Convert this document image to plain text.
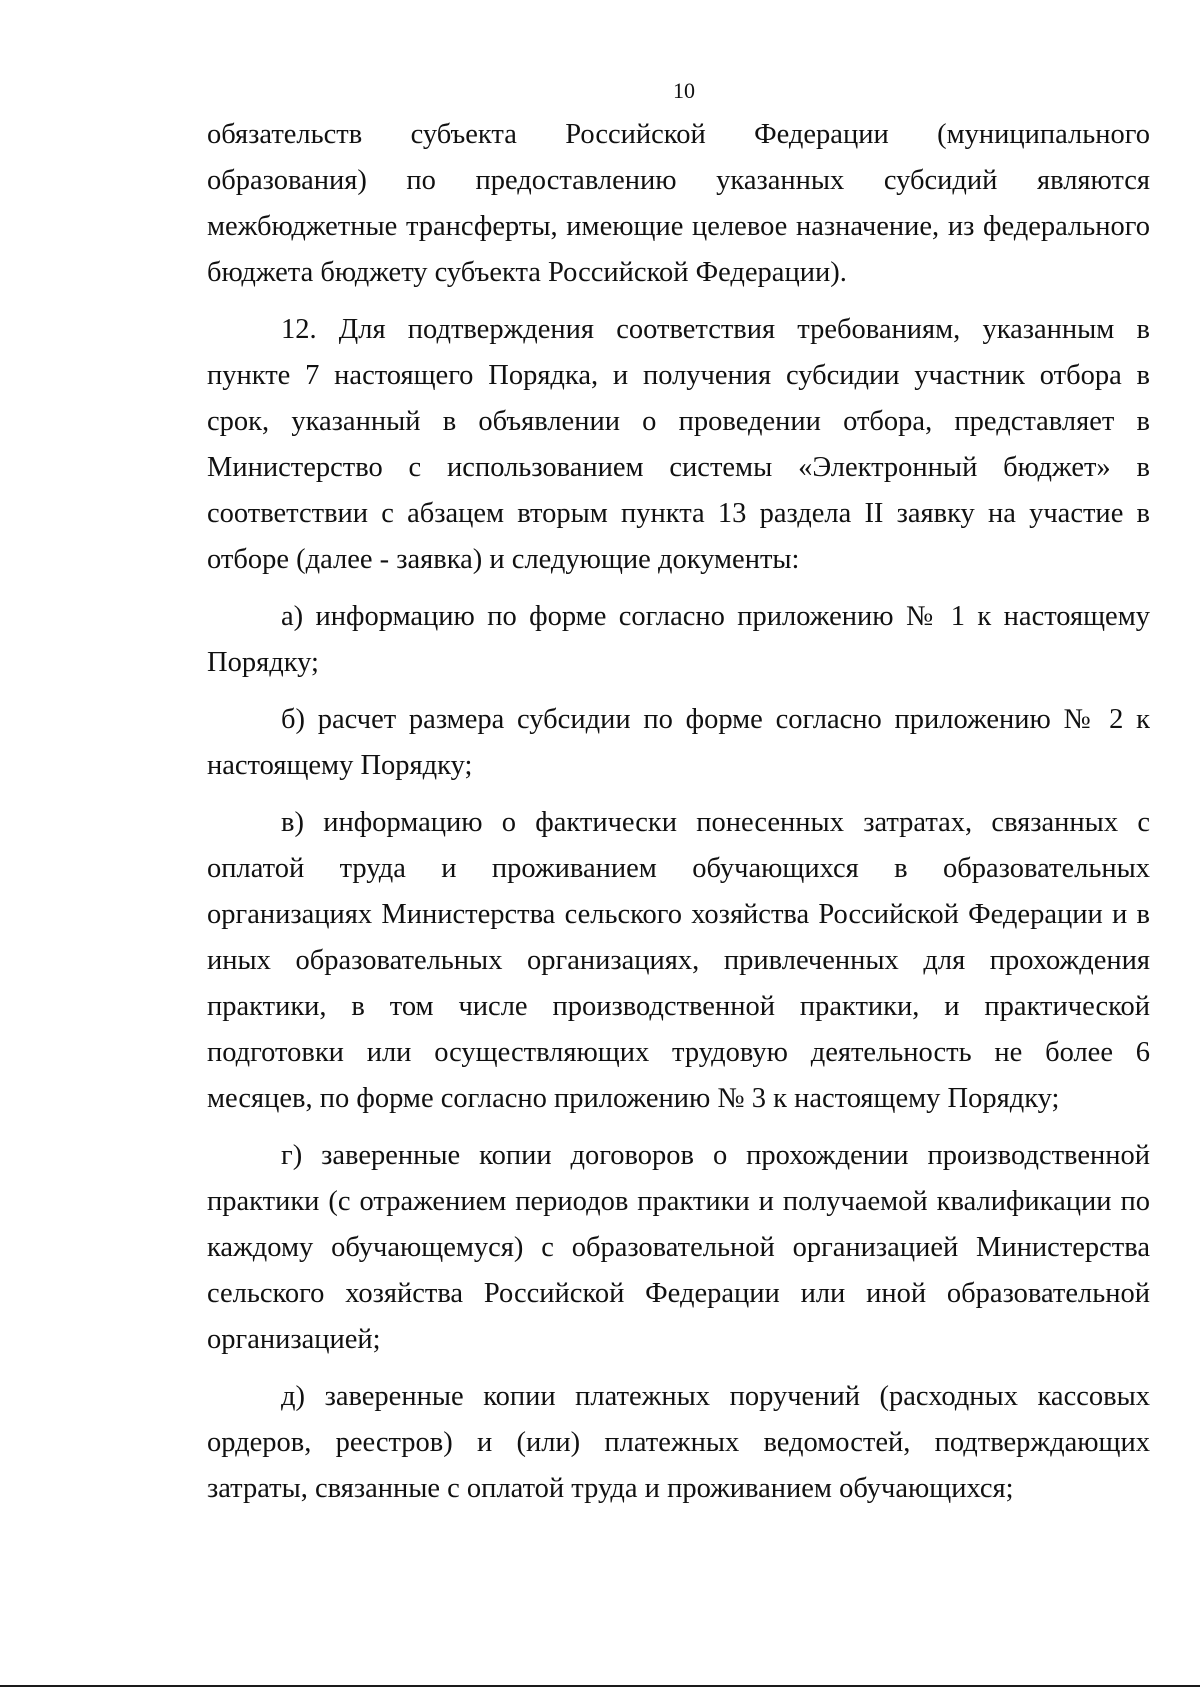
10

обязательств субъекта Российской Федерации (муниципального образования) по предоставлению указанных субсидий являются межбюджетные трансферты, имеющие целевое назначение, из федерального бюджета бюджету субъекта Российской Федерации).

12. Для подтверждения соответствия требованиям, указанным в пункте 7 настоящего Порядка, и получения субсидии участник отбора в срок, указанный в объявлении о проведении отбора, представляет в Министерство с использованием системы «Электронный бюджет» в соответствии с абзацем вторым пункта 13 раздела II заявку на участие в отборе (далее - заявка) и следующие документы:

а) информацию по форме согласно приложению № 1 к настоящему Порядку;

б) расчет размера субсидии по форме согласно приложению № 2 к настоящему Порядку;

в) информацию о фактически понесенных затратах, связанных с оплатой труда и проживанием обучающихся в образовательных организациях Министерства сельского хозяйства Российской Федерации и в иных образовательных организациях, привлеченных для прохождения практики, в том числе производственной практики, и практической подготовки или осуществляющих трудовую деятельность не более 6 месяцев, по форме согласно приложению № 3 к настоящему Порядку;

г) заверенные копии договоров о прохождении производственной практики (с отражением периодов практики и получаемой квалификации по каждому обучающемуся) с образовательной организацией Министерства сельского хозяйства Российской Федерации или иной образовательной организацией;

д) заверенные копии платежных поручений (расходных кассовых ордеров, реестров) и (или) платежных ведомостей, подтверждающих затраты, связанные с оплатой труда и проживанием обучающихся;
